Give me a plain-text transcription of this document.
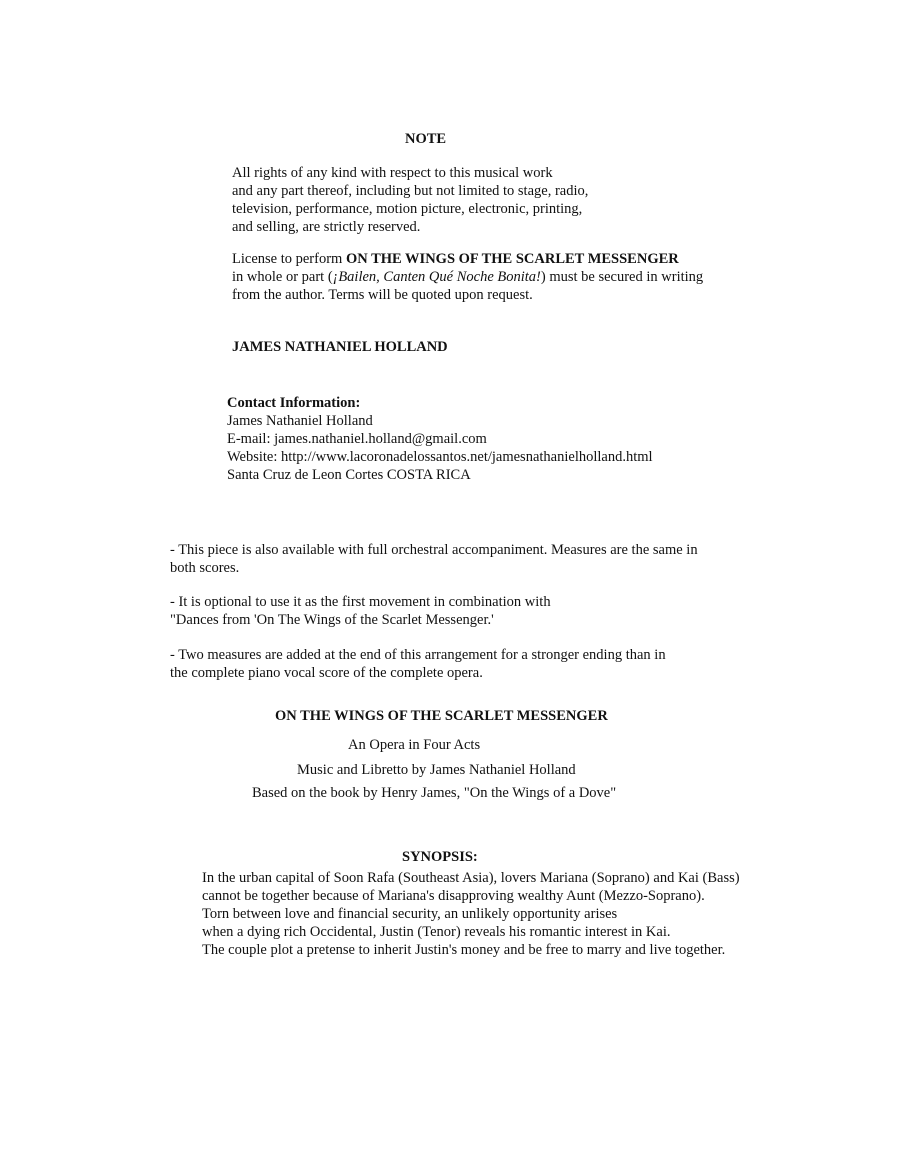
NOTE
All rights of any kind with respect to this musical work
and any part thereof, including but not limited to stage, radio,
television, performance, motion picture, electronic, printing,
and selling, are strictly reserved.
License to perform ON THE WINGS OF THE SCARLET MESSENGER
in whole or part (¡Bailen, Canten Qué Noche Bonita!) must be secured in writing
from the author. Terms will be quoted upon request.
JAMES NATHANIEL HOLLAND
Contact Information:
James Nathaniel Holland
E-mail: james.nathaniel.holland@gmail.com
Website: http://www.lacoronadelossantos.net/jamesnathanielholland.html
Santa Cruz de Leon Cortes COSTA RICA
- This piece is also available with full orchestral accompaniment. Measures are the same in
both scores.
- It is optional to use it as the first movement in combination with
"Dances from 'On The Wings of the Scarlet Messenger.'
- Two measures are added at the end of this arrangement for a stronger ending than in
the complete piano vocal score of the complete opera.
ON THE WINGS OF THE SCARLET MESSENGER
An Opera in Four Acts
Music and Libretto by James Nathaniel Holland
Based on the book by Henry James, "On the Wings of a Dove"
SYNOPSIS:
In the urban capital of Soon Rafa (Southeast Asia), lovers Mariana (Soprano) and Kai (Bass)
cannot be together because of Mariana's disapproving wealthy Aunt (Mezzo-Soprano).
Torn between love and financial security, an unlikely opportunity arises
when a dying rich Occidental, Justin (Tenor) reveals his romantic interest in Kai.
The couple plot a pretense to inherit Justin's money and be free to marry and live together.
